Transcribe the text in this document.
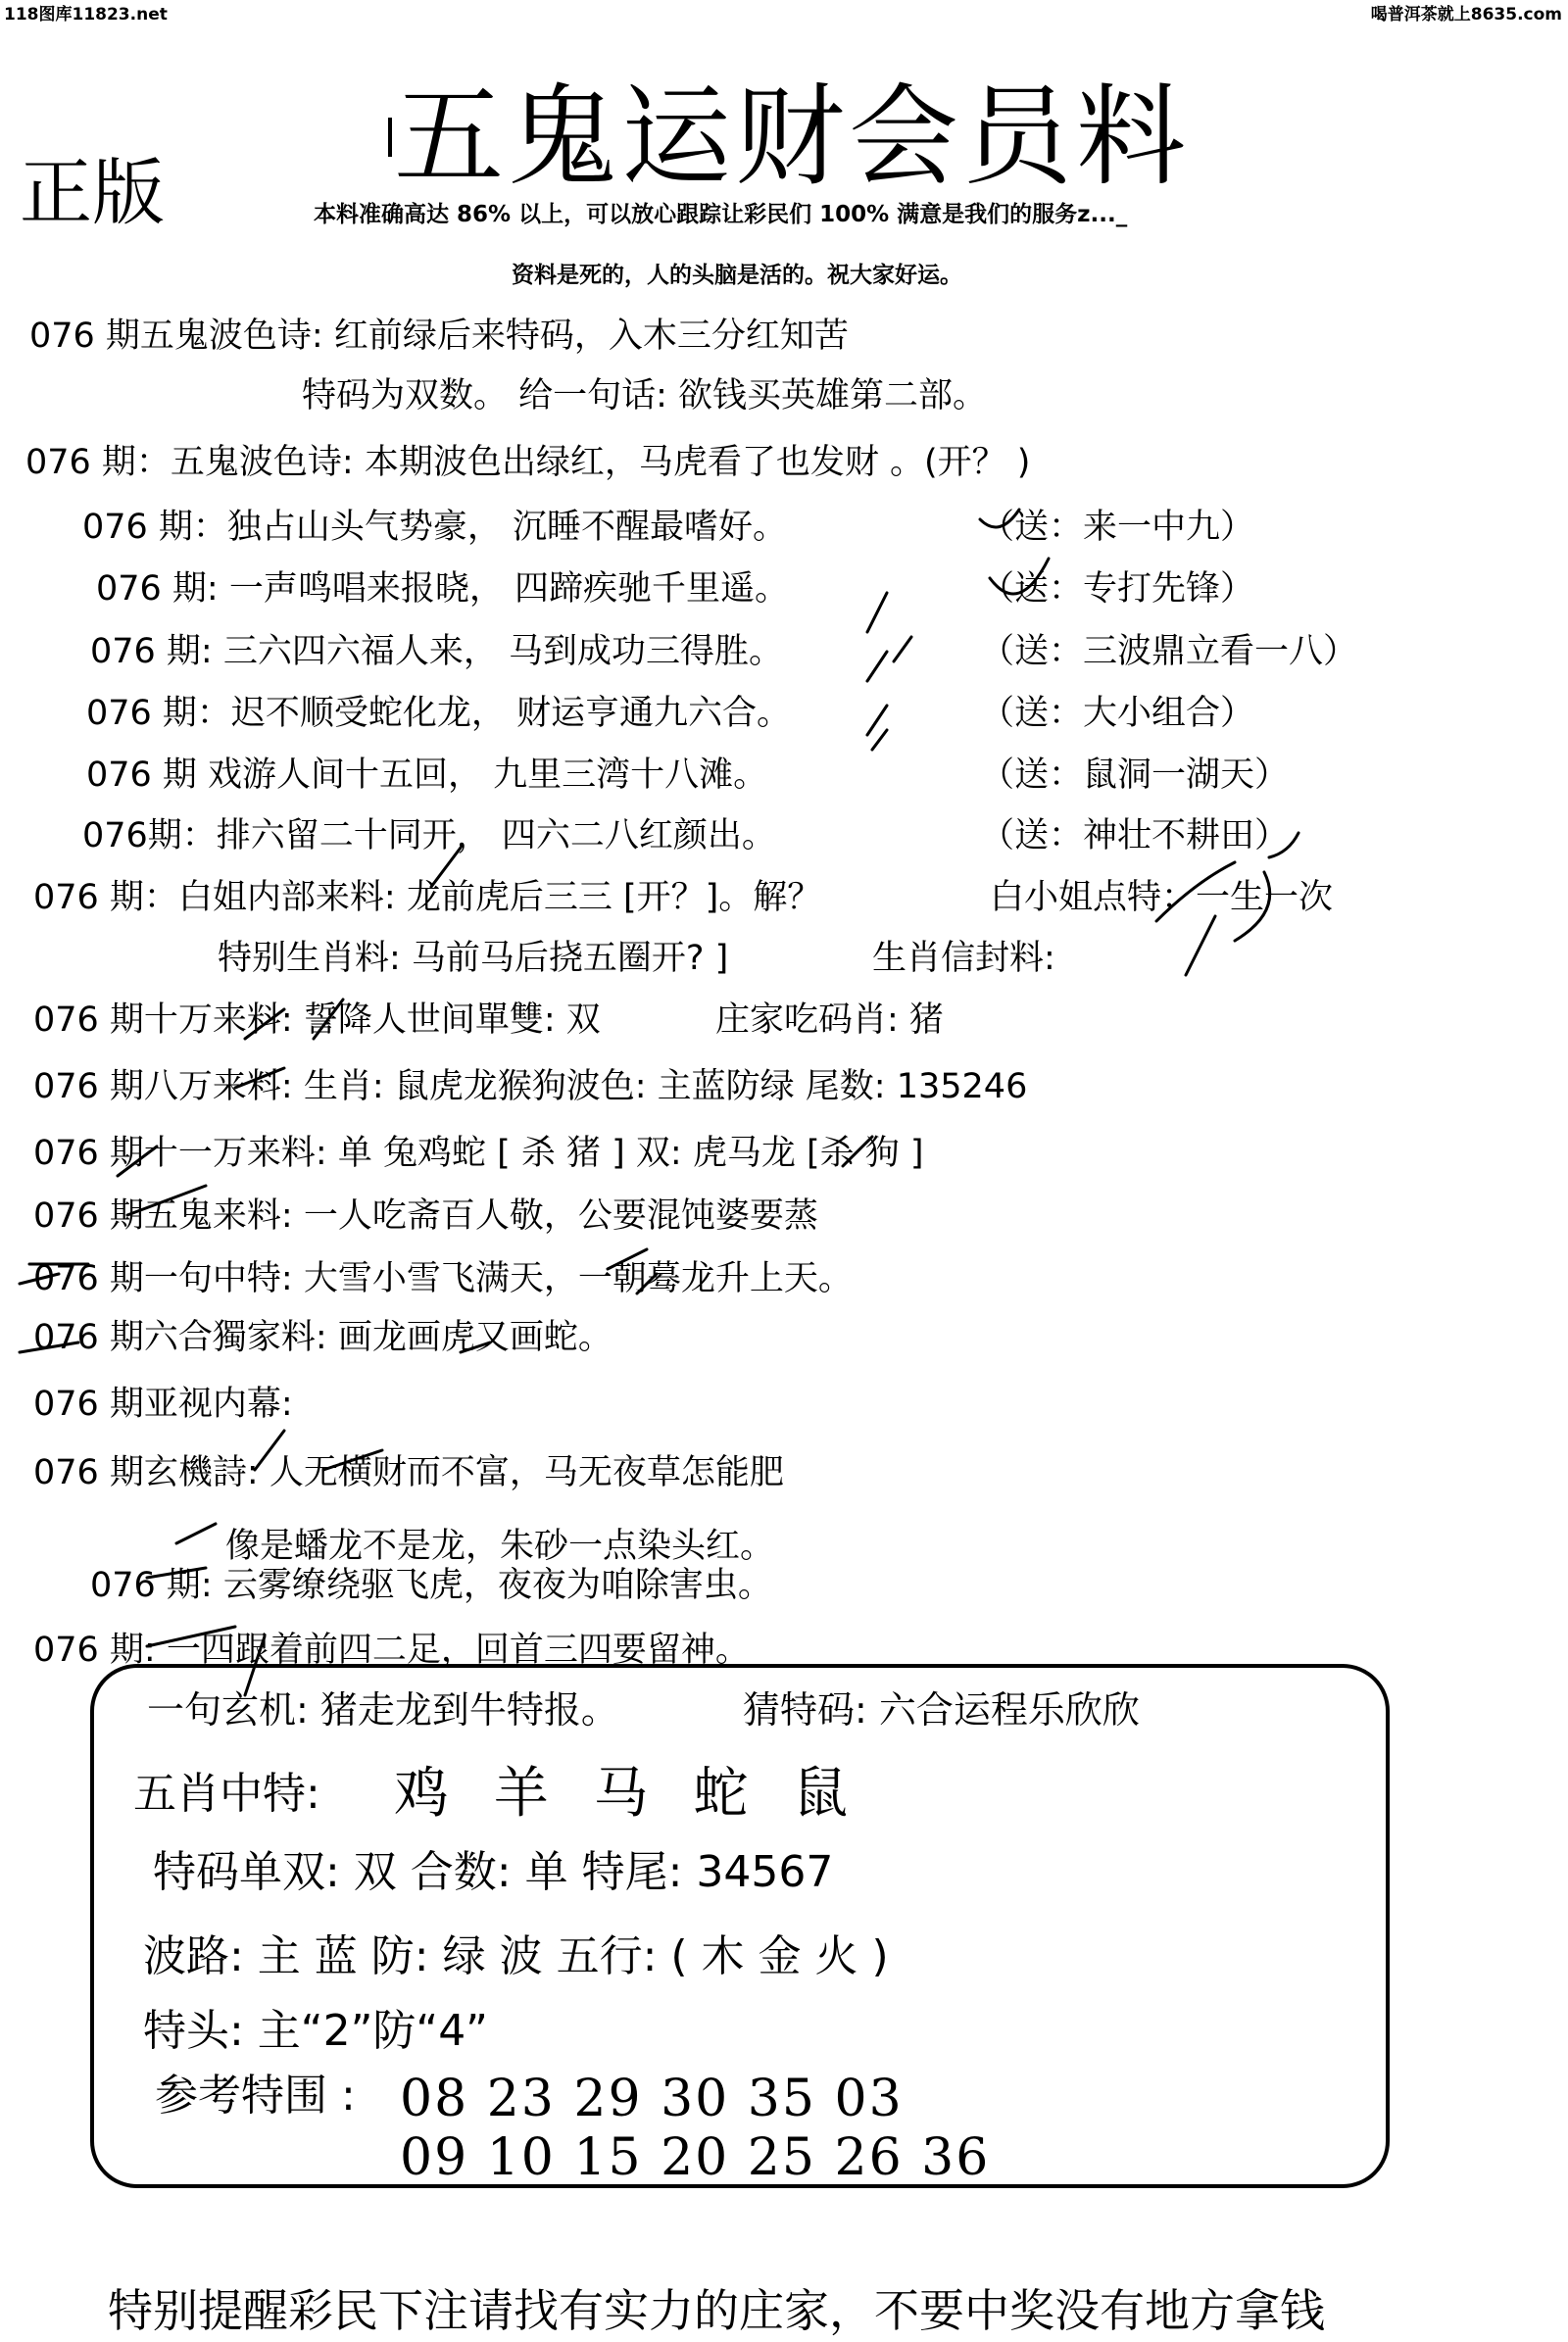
118图库11823.net	喝普洱茶就上8635.com
正版 五鬼运财会员料
本料准确高达 86% 以上，可以放心跟踪让彩民们 100% 满意是我们的服务z..._
资料是死的，人的头脑是活的。祝大家好运。
076 期五鬼波色诗: 红前绿后来特码，入木三分红知苦
特码为双数。 给一句话: 欲钱买英雄第二部。
076 期：五鬼波色诗: 本期波色出绿红，马虎看了也发财 。(开？ )
076 期：独占山头气势豪， 沉睡不醒最嗜好。	（送：来一中九）
076 期: 一声鸣唱来报晓， 四蹄疾驰千里遥。	（送：专打先锋）
076 期: 三六四六福人来， 马到成功三得胜。	（送：三波鼎立看一八）
076 期：迟不顺受蛇化龙， 财运亨通九六合。	（送：大小组合）
076 期 戏游人间十五回， 九里三湾十八滩。	（送：鼠洞一湖天）
076期：排六留二十同开， 四六二八红颜出。	（送：神壮不耕田）
076 期：白姐内部来料: 龙前虎后三三 [开？]。解？	白小姐点特：一生一次
特别生肖料: 马前马后挠五圈开? ]	生肖信封料:
076 期十万来料: 誓降人世间單雙: 双	庄家吃码肖: 猪
076 期八万来料: 生肖: 鼠虎龙猴狗波色: 主蓝防绿 尾数: 135246
076 期十一万来料: 单 兔鸡蛇 [ 杀 猪 ] 双: 虎马龙 [杀 狗 ]
076 期五鬼来料: 一人吃斋百人敬，公要混饨婆要蒸
076 期一句中特: 大雪小雪飞满天，一朝蓦龙升上天。
076 期六合獨家料: 画龙画虎又画蛇。
076 期亚视内幕:
076 期玄機詩: 人无横财而不富，马无夜草怎能肥
像是蟠龙不是龙，朱砂一点染头红。
076 期: 云雾缭绕驱飞虎，夜夜为咱除害虫。
076 期: 一四跟着前四二足，回首三四要留神。
一句玄机: 猪走龙到牛特报。	猜特码: 六合运程乐欣欣
五肖中特: 鸡 羊 马 蛇 鼠
特码单双: 双 合数: 单 特尾: 34567
波路: 主 蓝 防: 绿 波 五行: ( 木 金 火 )
特头: 主“2”防“4”
参考特围 : 08 23 29 30 35 03
09 10 15 20 25 26 36
特别提醒彩民下注请找有实力的庄家，不要中奖没有地方拿钱
